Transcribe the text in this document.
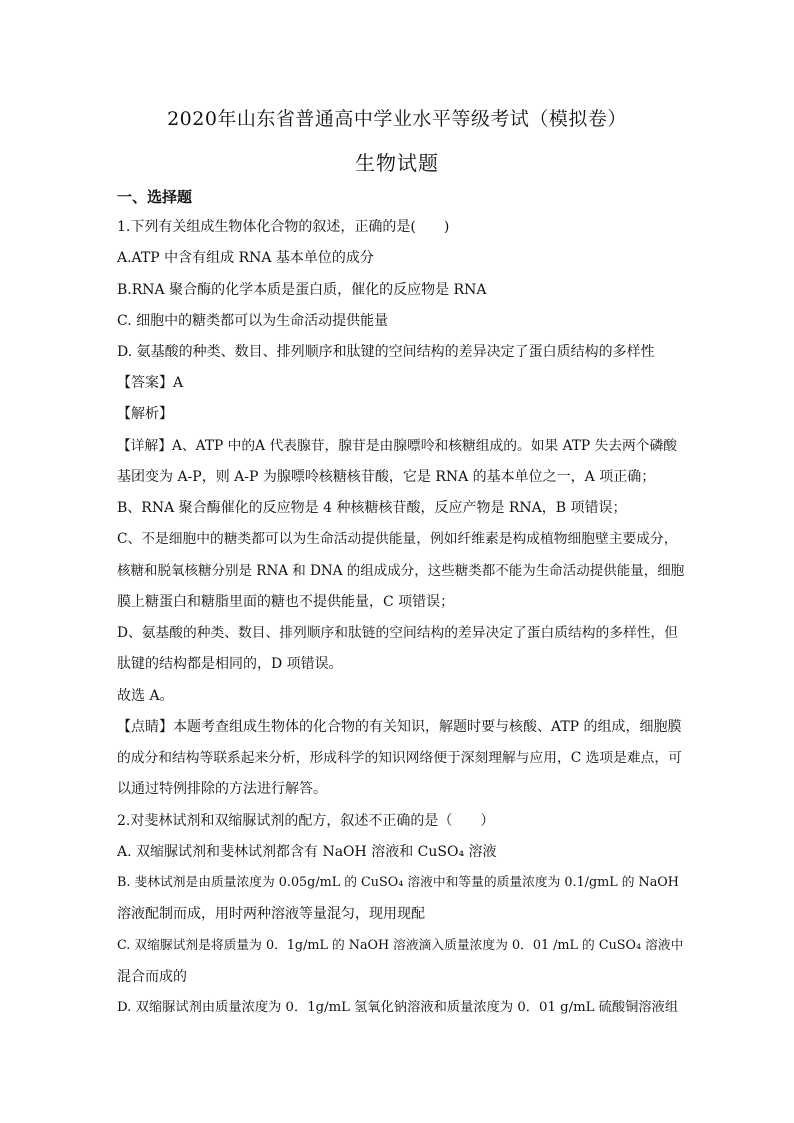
2020年山东省普通高中学业水平等级考试（模拟卷）
生物试题
一、选择题
1.下列有关组成生物体化合物的叙述，正确的是(　　)
A.ATP 中含有组成 RNA 基本单位的成分
B.RNA 聚合酶的化学本质是蛋白质，催化的反应物是 RNA
C. 细胞中的糖类都可以为生命活动提供能量
D. 氨基酸的种类、数目、排列顺序和肽键的空间结构的差异决定了蛋白质结构的多样性
【答案】A
【解析】
【详解】A、ATP 中的A 代表腺苷，腺苷是由腺嘌呤和核糖组成的。如果 ATP 失去两个磷酸
基团变为 A-P，则 A-P 为腺嘌呤核糖核苷酸，它是 RNA 的基本单位之一，A 项正确；
B、RNA 聚合酶催化的反应物是 4 种核糖核苷酸，反应产物是 RNA，B 项错误；
C、不是细胞中的糖类都可以为生命活动提供能量，例如纤维素是构成植物细胞壁主要成分，
核糖和脱氧核糖分别是 RNA 和 DNA 的组成成分，这些糖类都不能为生命活动提供能量，细胞
膜上糖蛋白和糖脂里面的糖也不提供能量，C 项错误；
D、氨基酸的种类、数目、排列顺序和肽链的空间结构的差异决定了蛋白质结构的多样性，但
肽键的结构都是相同的，D 项错误。
故选 A。
【点睛】本题考查组成生物体的化合物的有关知识，解题时要与核酸、ATP 的组成，细胞膜
的成分和结构等联系起来分析，形成科学的知识网络便于深刻理解与应用，C 选项是难点，可
以通过特例排除的方法进行解答。
2.对斐林试剂和双缩脲试剂的配方，叙述不正确的是（　　）
A. 双缩脲试剂和斐林试剂都含有 NaOH 溶液和 CuSO₄ 溶液
B. 斐林试剂是由质量浓度为 0.05g/mL 的 CuSO₄ 溶液中和等量的质量浓度为 0.1/gmL 的 NaOH
溶液配制而成，用时两种溶液等量混匀，现用现配
C. 双缩脲试剂是将质量为 0．1g/mL 的 NaOH 溶液滴入质量浓度为 0．01 /mL 的 CuSO₄ 溶液中
混合而成的
D. 双缩脲试剂由质量浓度为 0．1g/mL 氢氧化钠溶液和质量浓度为 0．01 g/mL 硫酸铜溶液组
